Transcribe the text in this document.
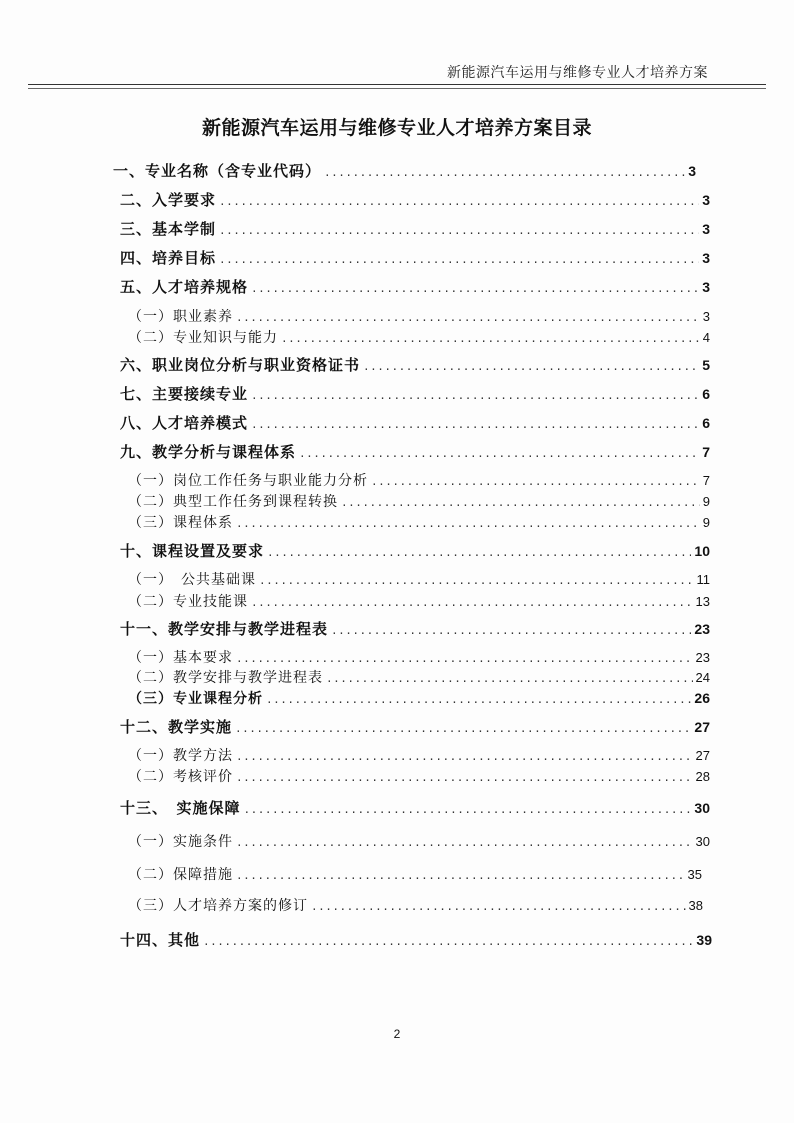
新能源汽车运用与维修专业人才培养方案
新能源汽车运用与维修专业人才培养方案目录
一、专业名称（含专业代码） .....	3
二、入学要求 .....	3
三、基本学制 .....	3
四、培养目标 .....	3
五、人才培养规格 .....	3
（一）职业素养 .....	3
（二）专业知识与能力 .....	4
六、职业岗位分析与职业资格证书 .....	5
七、主要接续专业 .....	6
八、人才培养模式 .....	6
九、教学分析与课程体系 .....	7
（一）岗位工作任务与职业能力分析 .....	7
（二）典型工作任务到课程转换 .....	9
（三）课程体系 .....	9
十、课程设置及要求 .....	10
（一）　公共基础课 .....	11
（二）专业技能课 .....	13
十一、教学安排与教学进程表 .....	23
（一）基本要求 .....	23
（二）教学安排与教学进程表 .....	24
（三）专业课程分析 .....	26
十二、教学实施 .....	27
（一）教学方法 .....	27
（二）考核评价 .....	28
十三、　实施保障 .....	30
（一）实施条件 .....	30
（二）保障措施 .....	35
（三）人才培养方案的修订 .....	38
十四、其他 .....	39
2
